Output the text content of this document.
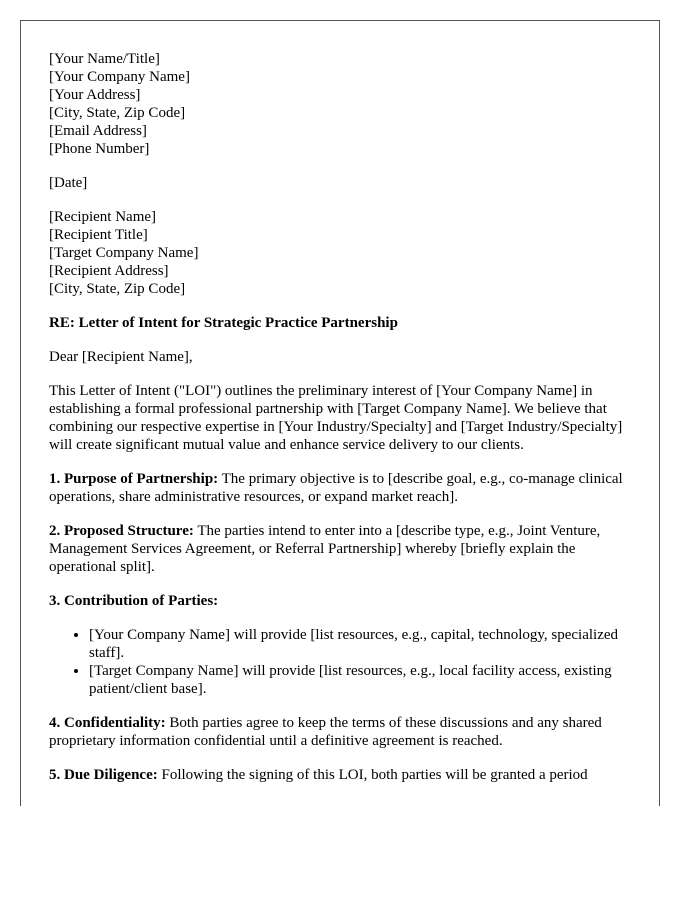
[Your Name/Title]
[Your Company Name]
[Your Address]
[City, State, Zip Code]
[Email Address]
[Phone Number]

[Date]

[Recipient Name]
[Recipient Title]
[Target Company Name]
[Recipient Address]
[City, State, Zip Code]

RE: Letter of Intent for Strategic Practice Partnership

Dear [Recipient Name],

This Letter of Intent ("LOI") outlines the preliminary interest of [Your Company Name] in establishing a formal professional partnership with [Target Company Name]. We believe that combining our respective expertise in [Your Industry/Specialty] and [Target Industry/Specialty] will create significant mutual value and enhance service delivery to our clients.

1. Purpose of Partnership: The primary objective is to [describe goal, e.g., co-manage clinical operations, share administrative resources, or expand market reach].

2. Proposed Structure: The parties intend to enter into a [describe type, e.g., Joint Venture, Management Services Agreement, or Referral Partnership] whereby [briefly explain the operational split].

3. Contribution of Parties:

• [Your Company Name] will provide [list resources, e.g., capital, technology, specialized staff].
• [Target Company Name] will provide [list resources, e.g., local facility access, existing patient/client base].

4. Confidentiality: Both parties agree to keep the terms of these discussions and any shared proprietary information confidential until a definitive agreement is reached.

5. Due Diligence: Following the signing of this LOI, both parties will be granted a period
